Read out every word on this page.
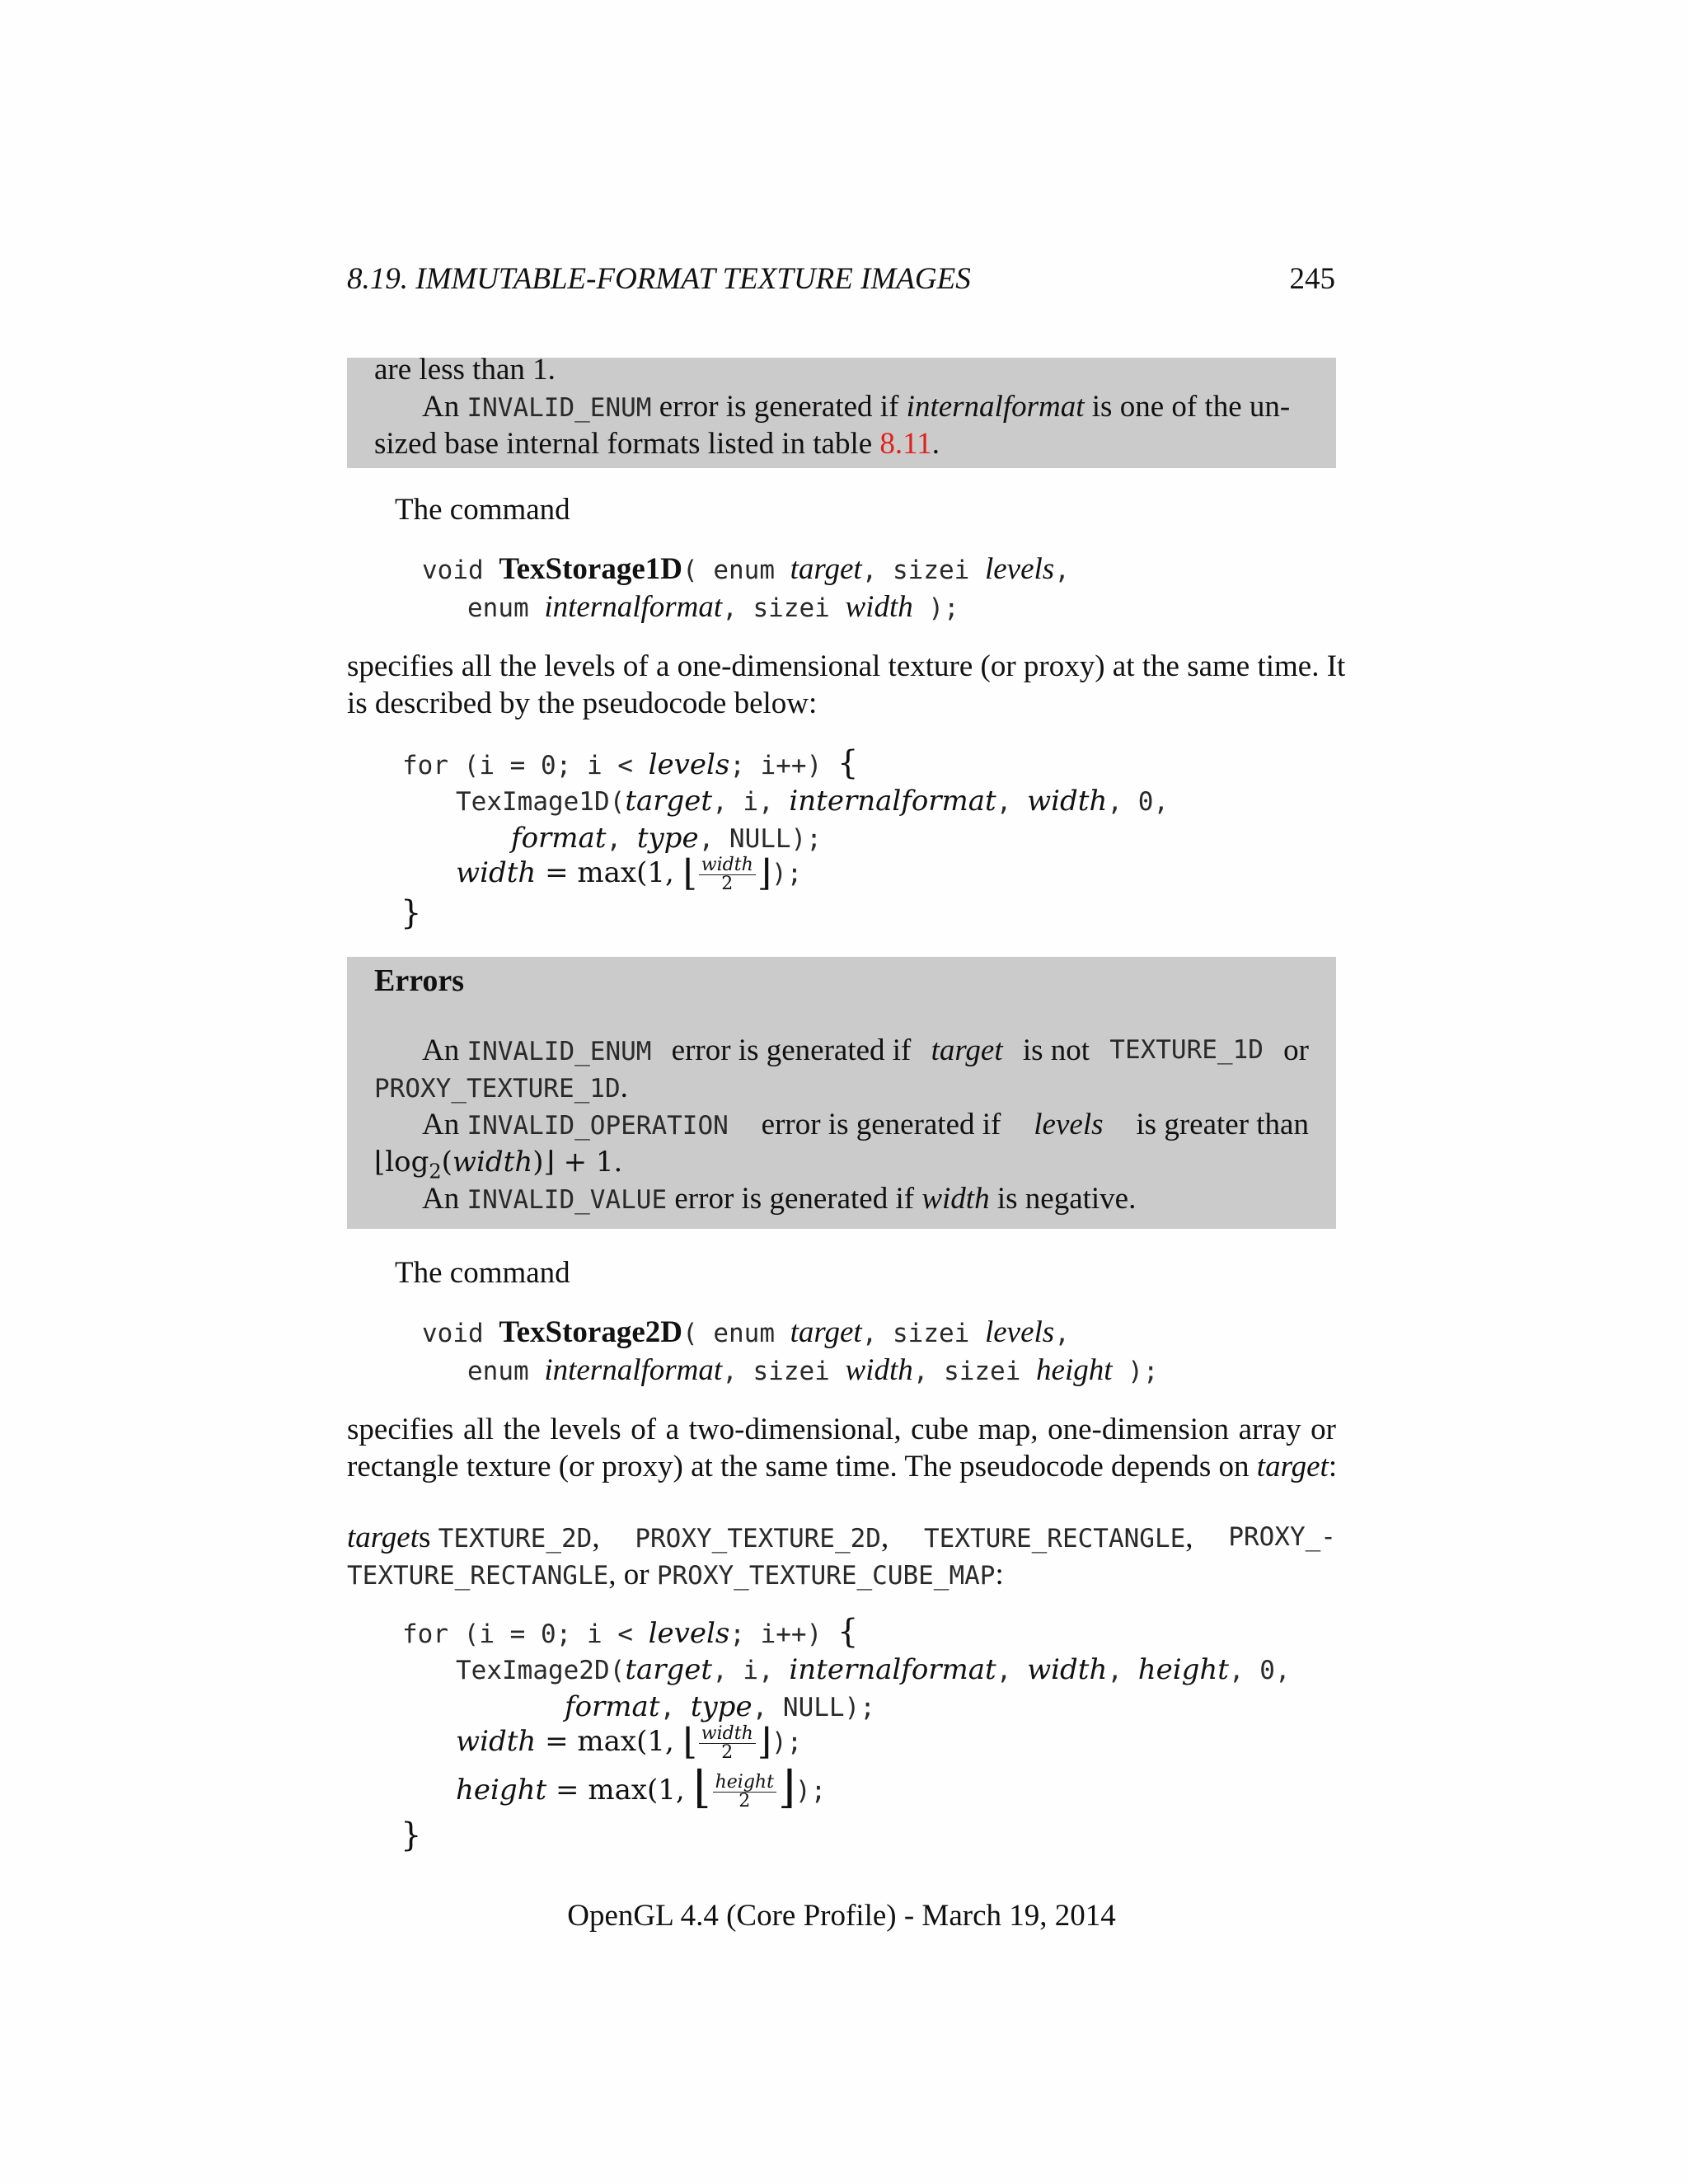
8.19. IMMUTABLE-FORMAT TEXTURE IMAGES	245
are less than 1.
An INVALID_ENUM error is generated if internalformat is one of the un-
sized base internal formats listed in table 8.11.
The command
void TexStorage1D( enum target, sizei levels,
enum internalformat, sizei width );
specifies all the levels of a one-dimensional texture (or proxy) at the same time. It
is described by the pseudocode below:
for (i = 0; i < levels; i++) {
TexImage1D(target, i, internalformat, width, 0,
format, type, NULL);
width = max(1, ⌊ $\frac{\text{width}}{2}$ ⌋);
}
Errors
An INVALID_ENUM error is generated if target is not TEXTURE_1D or
PROXY_TEXTURE_1D.
An INVALID_OPERATION error is generated if levels is greater than
$⌊\log_2(width)⌋ + 1$.
An INVALID_VALUE error is generated if width is negative.
The command
void TexStorage2D( enum target, sizei levels,
enum internalformat, sizei width, sizei height );
specifies all the levels of a two-dimensional, cube map, one-dimension array or
rectangle texture (or proxy) at the same time. The pseudocode depends on target:
targets TEXTURE_2D, PROXY_TEXTURE_2D, TEXTURE_RECTANGLE, PROXY_-
TEXTURE_RECTANGLE, or PROXY_TEXTURE_CUBE_MAP:
for (i = 0; i < levels; i++) {
TexImage2D(target, i, internalformat, width, height, 0,
format, type, NULL);
width = max(1, ⌊ $\frac{\text{width}}{2}$ ⌋);
height = max(1, ⌊ $\frac{\text{height}}{2}$ ⌋);
}
OpenGL 4.4 (Core Profile) - March 19, 2014
